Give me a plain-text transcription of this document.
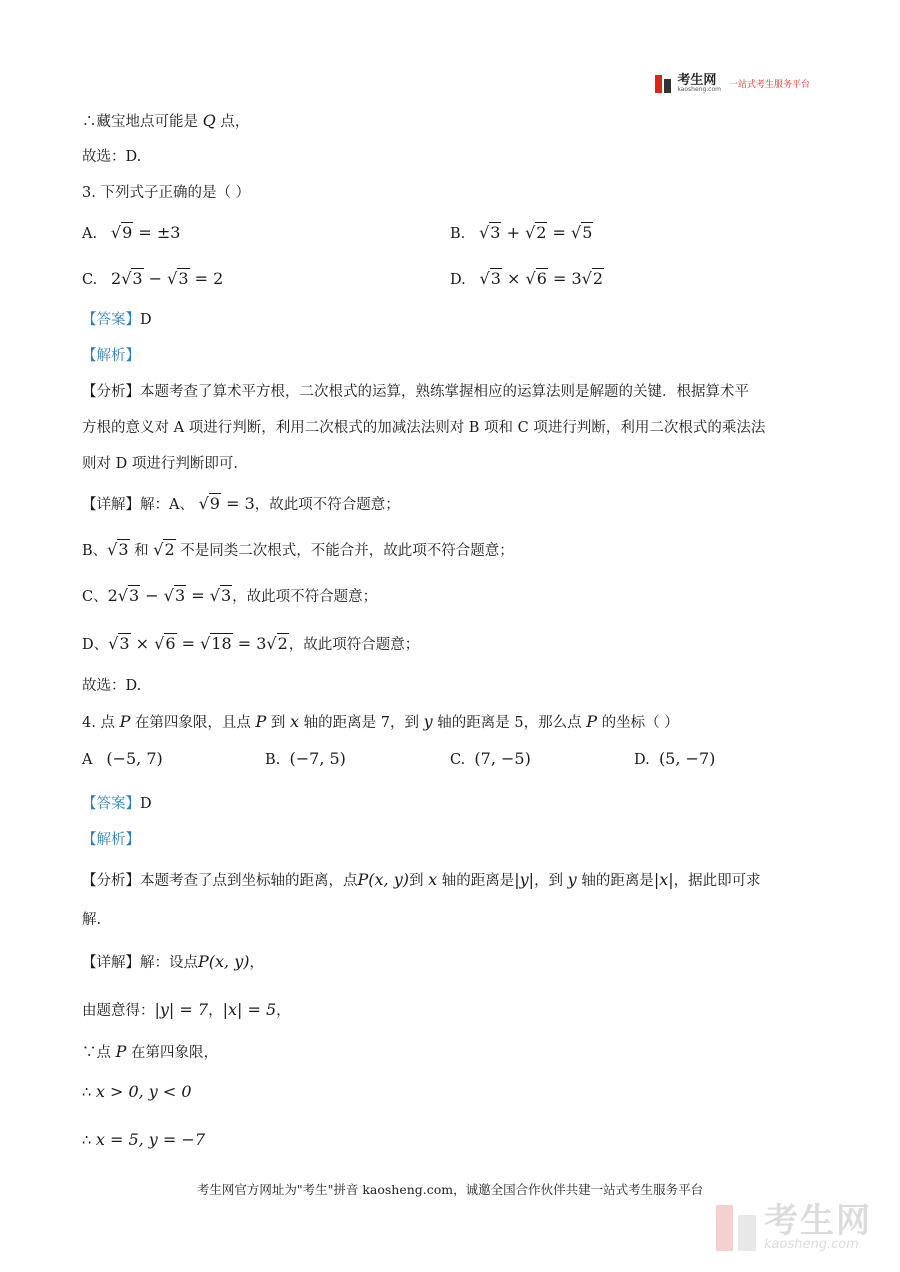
考生网
kaosheng.com 一站式考生服务平台
∴藏宝地点可能是 Q 点，
故选：D.
3. 下列式子正确的是（ ）
A. √9 = ±3	B. √3 + √2 = √5
C. 2√3 − √3 = 2	D. √3 × √6 = 3√2
【答案】D
【解析】
【分析】本题考查了算术平方根，二次根式的运算，熟练掌握相应的运算法则是解题的关键．根据算术平
方根的意义对 A 项进行判断，利用二次根式的加减法法则对 B 项和 C 项进行判断，利用二次根式的乘法法
则对 D 项进行判断即可.
【详解】解：A、 √9 = 3，故此项不符合题意；
B、√3 和 √2 不是同类二次根式，不能合并，故此项不符合题意；
C、2√3 − √3 = √3，故此项不符合题意；
D、√3 × √6 = √18 = 3√2，故此项符合题意；
故选：D.
4. 点 P 在第四象限，且点 P 到 x 轴的距离是 7，到 y 轴的距离是 5，那么点 P 的坐标（ ）
A (−5, 7)	B. (−7, 5)	C. (7, −5)	D. (5, −7)
【答案】D
【解析】
【分析】本题考查了点到坐标轴的距离，点P(x, y)到 x 轴的距离是|y|，到 y 轴的距离是|x|，据此即可求
解.
【详解】解：设点P(x, y)，
由题意得：|y| = 7，|x| = 5，
∵点 P 在第四象限，
∴ x > 0, y < 0
∴ x = 5, y = −7
考生网官方网址为"考生"拼音 kaosheng.com，诚邀全国合作伙伴共建一站式考生服务平台
考生网
kaosheng.com
